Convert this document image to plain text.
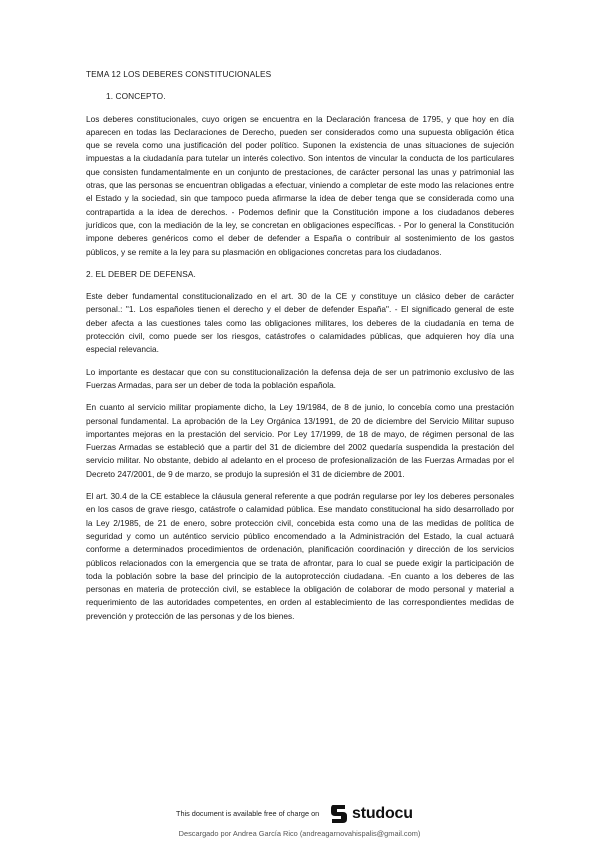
TEMA 12 LOS DEBERES CONSTITUCIONALES
1. CONCEPTO.

Los deberes constitucionales, cuyo origen se encuentra en la Declaración francesa de 1795, y que hoy en día aparecen en todas las Declaraciones de Derecho, pueden ser considerados como una supuesta obligación ética que se revela como una justificación del poder político. Suponen la existencia de unas situaciones de sujeción impuestas a la ciudadanía para tutelar un interés colectivo. Son intentos de vincular la conducta de los particulares que consisten fundamentalmente en un conjunto de prestaciones, de carácter personal las unas y patrimonial las otras, que las personas se encuentran obligadas a efectuar, viniendo a completar de este modo las relaciones entre el Estado y la sociedad, sin que tampoco pueda afirmarse la idea de deber tenga que se considerada como una contrapartida a la idea de derechos. - Podemos definir que la Constitución impone a los ciudadanos deberes jurídicos que, con la mediación de la ley, se concretan en obligaciones específicas. - Por lo general la Constitución impone deberes genéricos como el deber de defender a España o contribuir al sostenimiento de los gastos públicos, y se remite a la ley para su plasmación en obligaciones concretas para los ciudadanos.

2. EL DEBER DE DEFENSA.

Este deber fundamental constitucionalizado en el art. 30 de la CE y constituye un clásico deber de carácter personal.: "1. Los españoles tienen el derecho y el deber de defender España". - El significado general de este deber afecta a las cuestiones tales como las obligaciones militares, los deberes de la ciudadanía en tema de protección civil, como puede ser los riesgos, catástrofes o calamidades públicas, que adquieren hoy día una especial relevancia.

Lo importante es destacar que con su constitucionalización la defensa deja de ser un patrimonio exclusivo de las Fuerzas Armadas, para ser un deber de toda la población española.

En cuanto al servicio militar propiamente dicho, la Ley 19/1984, de 8 de junio, lo concebía como una prestación personal fundamental. La aprobación de la Ley Orgánica 13/1991, de 20 de diciembre del Servicio Militar supuso importantes mejoras en la prestación del servicio. Por Ley 17/1999, de 18 de mayo, de régimen personal de las Fuerzas Armadas se estableció que a partir del 31 de diciembre del 2002 quedaría suspendida la prestación del servicio militar. No obstante, debido al adelanto en el proceso de profesionalización de las Fuerzas Armadas por el Decreto 247/2001, de 9 de marzo, se produjo la supresión el 31 de diciembre de 2001.

El art. 30.4 de la CE establece la cláusula general referente a que podrán regularse por ley los deberes personales en los casos de grave riesgo, catástrofe o calamidad pública. Ese mandato constitucional ha sido desarrollado por la Ley 2/1985, de 21 de enero, sobre protección civil, concebida esta como una de las medidas de política de seguridad y como un auténtico servicio público encomendado a la Administración del Estado, la cual actuará conforme a determinados procedimientos de ordenación, planificación coordinación y dirección de los servicios públicos relacionados con la emergencia que se trata de afrontar, para lo cual se puede exigir la participación de toda la población sobre la base del principio de la autoprotección ciudadana. -En cuanto a los deberes de las personas en materia de protección civil, se establece la obligación de colaborar de modo personal y material a requerimiento de las autoridades competentes, en orden al establecimiento de las correspondientes medidas de prevención y protección de las personas y de los bienes.

This document is available free of charge on studocu
Descargado por Andrea García Rico (andreagarnovahispalis@gmail.com)
